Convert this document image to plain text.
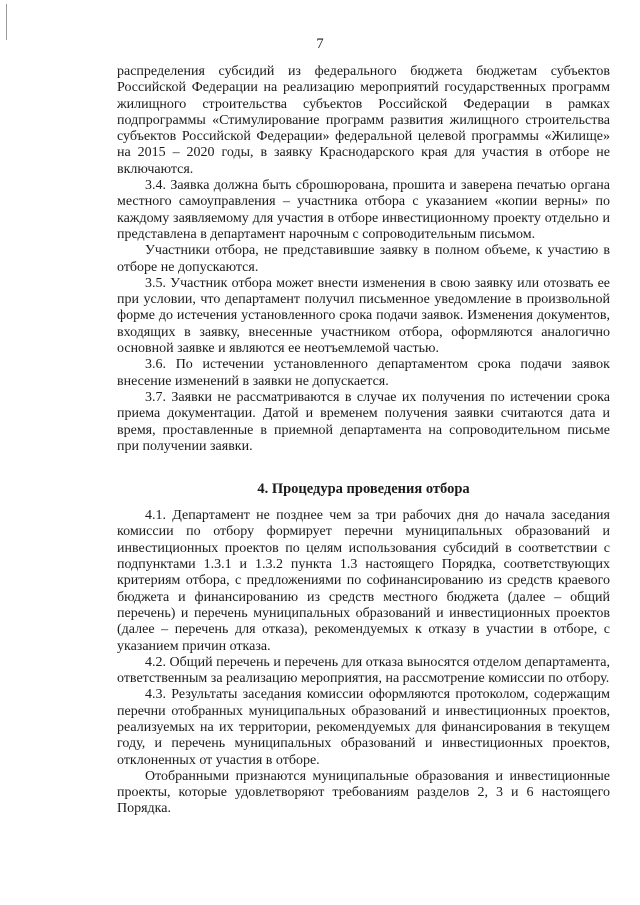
7

распределения субсидий из федерального бюджета бюджетам субъектов Российской Федерации на реализацию мероприятий государственных программ жилищного строительства субъектов Российской Федерации в рамках подпрограммы «Стимулирование программ развития жилищного строительства субъектов Российской Федерации» федеральной целевой программы «Жилище» на 2015 – 2020 годы, в заявку Краснодарского края для участия в отборе не включаются.

3.4. Заявка должна быть сброшюрована, прошита и заверена печатью органа местного самоуправления – участника отбора с указанием «копии верны» по каждому заявляемому для участия в отборе инвестиционному проекту отдельно и представлена в департамент нарочным с сопроводительным письмом.

Участники отбора, не представившие заявку в полном объеме, к участию в отборе не допускаются.

3.5. Участник отбора может внести изменения в свою заявку или отозвать ее при условии, что департамент получил письменное уведомление в произвольной форме до истечения установленного срока подачи заявок. Изменения документов, входящих в заявку, внесенные участником отбора, оформляются аналогично основной заявке и являются ее неотъемлемой частью.

3.6. По истечении установленного департаментом срока подачи заявок внесение изменений в заявки не допускается.

3.7. Заявки не рассматриваются в случае их получения по истечении срока приема документации. Датой и временем получения заявки считаются дата и время, проставленные в приемной департамента на сопроводительном письме при получении заявки.

4. Процедура проведения отбора

4.1. Департамент не позднее чем за три рабочих дня до начала заседания комиссии по отбору формирует перечни муниципальных образований и инвестиционных проектов по целям использования субсидий в соответствии с подпунктами 1.3.1 и 1.3.2 пункта 1.3 настоящего Порядка, соответствующих критериям отбора, с предложениями по софинансированию из средств краевого бюджета и финансированию из средств местного бюджета (далее – общий перечень) и перечень муниципальных образований и инвестиционных проектов (далее – перечень для отказа), рекомендуемых к отказу в участии в отборе, с указанием причин отказа.

4.2. Общий перечень и перечень для отказа выносятся отделом департамента, ответственным за реализацию мероприятия, на рассмотрение комиссии по отбору.

4.3. Результаты заседания комиссии оформляются протоколом, содержащим перечни отобранных муниципальных образований и инвестиционных проектов, реализуемых на их территории, рекомендуемых для финансирования в текущем году, и перечень муниципальных образований и инвестиционных проектов, отклоненных от участия в отборе.

Отобранными признаются муниципальные образования и инвестиционные проекты, которые удовлетворяют требованиям разделов 2, 3 и 6 настоящего Порядка.
